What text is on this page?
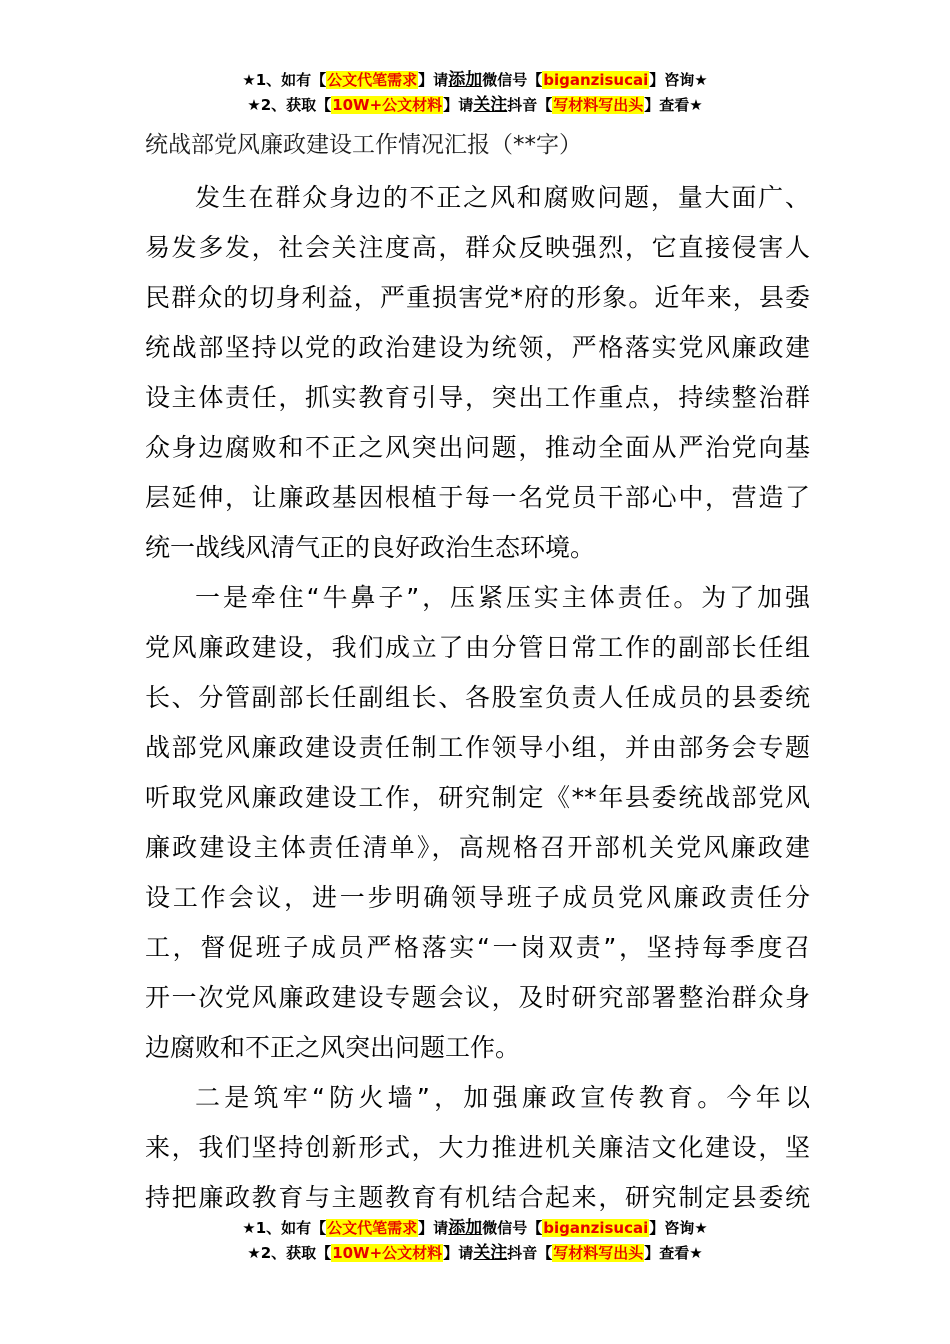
★1、如有【公文代笔需求】请添加微信号【biganzisucai】咨询★
★2、获取【10W+公文材料】请关注抖音【写材料写出头】查看★
统战部党风廉政建设工作情况汇报（**字）
发生在群众身边的不正之风和腐败问题，量大面广、
易发多发，社会关注度高，群众反映强烈，它直接侵害人
民群众的切身利益，严重损害党*府的形象。近年来，县委
统战部坚持以党的政治建设为统领，严格落实党风廉政建
设主体责任，抓实教育引导，突出工作重点，持续整治群
众身边腐败和不正之风突出问题，推动全面从严治党向基
层延伸，让廉政基因根植于每一名党员干部心中，营造了
统一战线风清气正的良好政治生态环境。
一是牵住“牛鼻子”，压紧压实主体责任。为了加强
党风廉政建设，我们成立了由分管日常工作的副部长任组
长、分管副部长任副组长、各股室负责人任成员的县委统
战部党风廉政建设责任制工作领导小组，并由部务会专题
听取党风廉政建设工作，研究制定《**年县委统战部党风
廉政建设主体责任清单》，高规格召开部机关党风廉政建
设工作会议，进一步明确领导班子成员党风廉政责任分
工，督促班子成员严格落实“一岗双责”，坚持每季度召
开一次党风廉政建设专题会议，及时研究部署整治群众身
边腐败和不正之风突出问题工作。
二是筑牢“防火墙”，加强廉政宣传教育。今年以
来，我们坚持创新形式，大力推进机关廉洁文化建设，坚
持把廉政教育与主题教育有机结合起来，研究制定县委统
★1、如有【公文代笔需求】请添加微信号【biganzisucai】咨询★
★2、获取【10W+公文材料】请关注抖音【写材料写出头】查看★
